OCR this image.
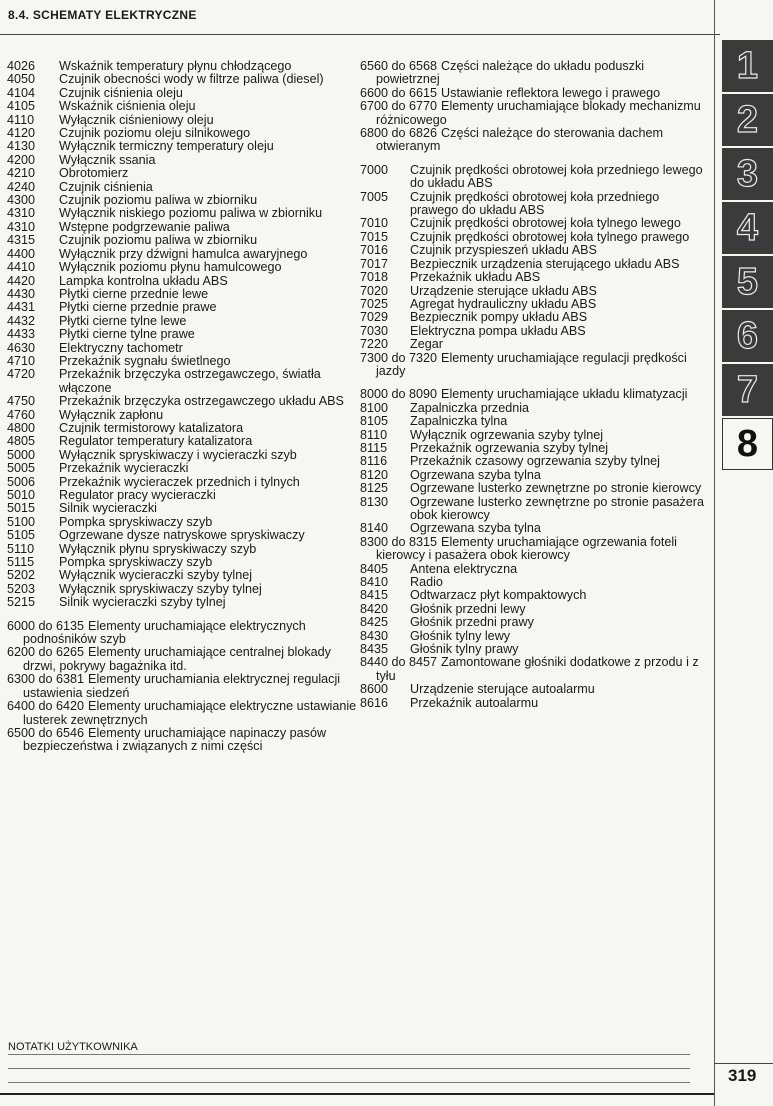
8.4. SCHEMATY ELEKTRYCZNE
4026	Wskaźnik temperatury płynu chłodzącego
4050	Czujnik obecności wody w filtrze paliwa (diesel)
4104	Czujnik ciśnienia oleju
4105	Wskaźnik ciśnienia oleju
4110	Wyłącznik ciśnieniowy oleju
4120	Czujnik poziomu oleju silnikowego
4130	Wyłącznik termiczny temperatury oleju
4200	Wyłącznik ssania
4210	Obrotomierz
4240	Czujnik ciśnienia
4300	Czujnik poziomu paliwa w zbiorniku
4310	Wyłącznik niskiego poziomu paliwa w zbiorniku
4310	Wstępne podgrzewanie paliwa
4315	Czujnik poziomu paliwa w zbiorniku
4400	Wyłącznik przy dźwigni hamulca awaryjnego
4410	Wyłącznik poziomu płynu hamulcowego
4420	Lampka kontrolna układu ABS
4430	Płytki cierne przednie lewe
4431	Płytki cierne przednie prawe
4432	Płytki cierne tylne lewe
4433	Płytki cierne tylne prawe
4630	Elektryczny tachometr
4710	Przekaźnik sygnału świetlnego
4720	Przekaźnik brzęczyka ostrzegawczego, światła włączone
4750	Przekaźnik brzęczyka ostrzegawczego układu ABS
4760	Wyłącznik zapłonu
4800	Czujnik termistorowy katalizatora
4805	Regulator temperatury katalizatora
5000	Wyłącznik spryskiwaczy i wycieraczki szyb
5005	Przekaźnik wycieraczki
5006	Przekaźnik wycieraczek przednich i tylnych
5010	Regulator pracy wycieraczki
5015	Silnik wycieraczki
5100	Pompka spryskiwaczy szyb
5105	Ogrzewane dysze natryskowe spryskiwaczy
5110	Wyłącznik płynu spryskiwaczy szyb
5115	Pompka spryskiwaczy szyb
5202	Wyłącznik wycieraczki szyby tylnej
5203	Wyłącznik spryskiwaczy szyby tylnej
5215	Silnik wycieraczki szyby tylnej
6000 do 6135 Elementy uruchamiające elektrycznych podnośników szyb
6200 do 6265 Elementy uruchamiające centralnej blokady drzwi, pokrywy bagażnika itd.
6300 do 6381 Elementy uruchamiania elektrycznej regulacji ustawienia siedzeń
6400 do 6420 Elementy uruchamiające elektryczne ustawianie lusterek zewnętrznych
6500 do 6546 Elementy uruchamiające napinaczy pasów bezpieczeństwa i związanych z nimi części
6560 do 6568 Części należące do układu poduszki powietrznej
6600 do 6615 Ustawianie reflektora lewego i prawego
6700 do 6770 Elementy uruchamiające blokady mechanizmu różnicowego
6800 do 6826 Części należące do sterowania dachem otwieranym
7000	Czujnik prędkości obrotowej koła przedniego lewego do układu ABS
7005	Czujnik prędkości obrotowej koła przedniego prawego do układu ABS
7010	Czujnik prędkości obrotowej koła tylnego lewego
7015	Czujnik prędkości obrotowej koła tylnego prawego
7016	Czujnik przyspieszeń układu ABS
7017	Bezpiecznik urządzenia sterującego układu ABS
7018	Przekaźnik układu ABS
7020	Urządzenie sterujące układu ABS
7025	Agregat hydrauliczny układu ABS
7029	Bezpiecznik pompy układu ABS
7030	Elektryczna pompa układu ABS
7220	Zegar
7300 do 7320 Elementy uruchamiające regulacji prędkości jazdy
8000 do 8090 Elementy uruchamiające układu klimatyzacji
8100	Zapalniczka przednia
8105	Zapalniczka tylna
8110	Wyłącznik ogrzewania szyby tylnej
8115	Przekaźnik ogrzewania szyby tylnej
8116	Przekaźnik czasowy ogrzewania szyby tylnej
8120	Ogrzewana szyba tylna
8125	Ogrzewane lusterko zewnętrzne po stronie kierowcy
8130	Ogrzewane lusterko zewnętrzne po stronie pasażera obok kierowcy
8140	Ogrzewana szyba tylna
8300 do 8315 Elementy uruchamiające ogrzewania foteli kierowcy i pasażera obok kierowcy
8405	Antena elektryczna
8410	Radio
8415	Odtwarzacz płyt kompaktowych
8420	Głośnik przedni lewy
8425	Głośnik przedni prawy
8430	Głośnik tylny lewy
8435	Głośnik tylny prawy
8440 do 8457 Zamontowane głośniki dodatkowe z przodu i z tyłu
8600	Urządzenie sterujące autoalarmu
8616	Przekaźnik autoalarmu
1
2
3
4
5
6
7
8
NOTATKI UŻYTKOWNIKA
319
